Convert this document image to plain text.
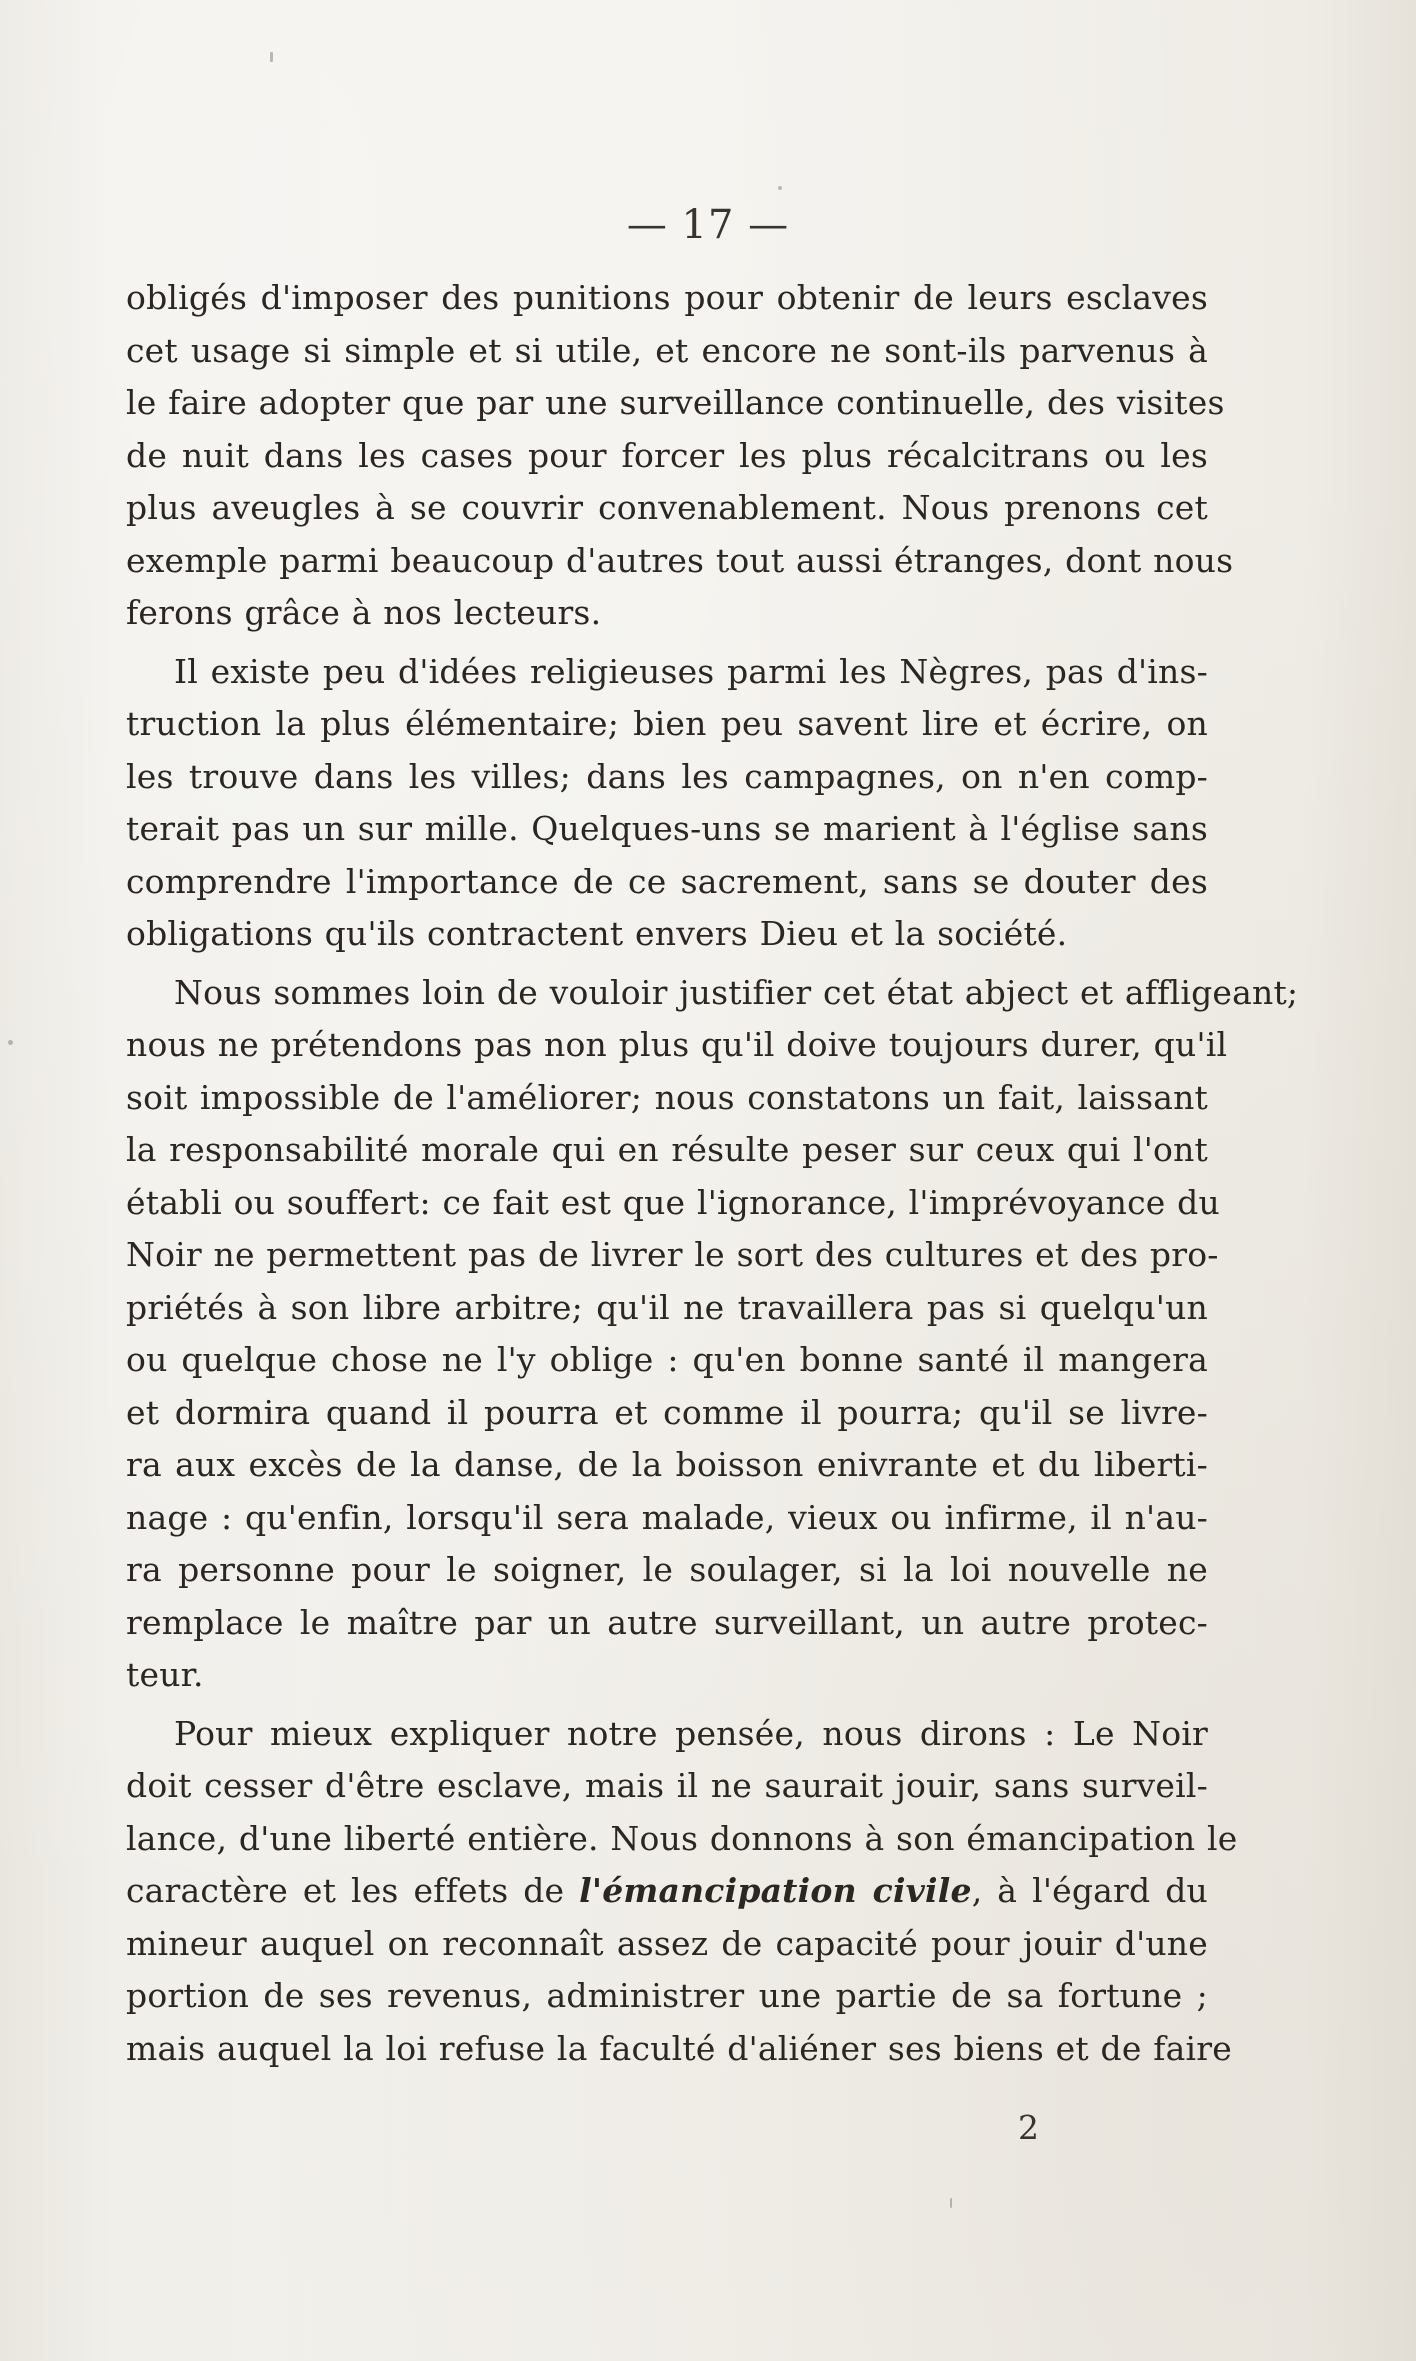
— 17 —

obligés d'imposer des punitions pour obtenir de leurs esclaves
cet usage si simple et si utile, et encore ne sont-ils parvenus à
le faire adopter que par une surveillance continuelle, des visites
de nuit dans les cases pour forcer les plus récalcitrans ou les
plus aveugles à se couvrir convenablement. Nous prenons cet
exemple parmi beaucoup d'autres tout aussi étranges, dont nous
ferons grâce à nos lecteurs.

Il existe peu d'idées religieuses parmi les Nègres, pas d'ins-
truction la plus élémentaire; bien peu savent lire et écrire, on
les trouve dans les villes; dans les campagnes, on n'en comp-
terait pas un sur mille. Quelques-uns se marient à l'église sans
comprendre l'importance de ce sacrement, sans se douter des
obligations qu'ils contractent envers Dieu et la société.

Nous sommes loin de vouloir justifier cet état abject et affligeant;
nous ne prétendons pas non plus qu'il doive toujours durer, qu'il
soit impossible de l'améliorer; nous constatons un fait, laissant
la responsabilité morale qui en résulte peser sur ceux qui l'ont
établi ou souffert: ce fait est que l'ignorance, l'imprévoyance du
Noir ne permettent pas de livrer le sort des cultures et des pro-
priétés à son libre arbitre; qu'il ne travaillera pas si quelqu'un
ou quelque chose ne l'y oblige : qu'en bonne santé il mangera
et dormira quand il pourra et comme il pourra; qu'il se livre-
ra aux excès de la danse, de la boisson enivrante et du liberti-
nage : qu'enfin, lorsqu'il sera malade, vieux ou infirme, il n'au-
ra personne pour le soigner, le soulager, si la loi nouvelle ne
remplace le maître par un autre surveillant, un autre protec-
teur.

Pour mieux expliquer notre pensée, nous dirons : Le Noir
doit cesser d'être esclave, mais il ne saurait jouir, sans surveil-
lance, d'une liberté entière. Nous donnons à son émancipation le
caractère et les effets de l'émancipation civile, à l'égard du
mineur auquel on reconnaît assez de capacité pour jouir d'une
portion de ses revenus, administrer une partie de sa fortune ;
mais auquel la loi refuse la faculté d'aliéner ses biens et de faire

2
